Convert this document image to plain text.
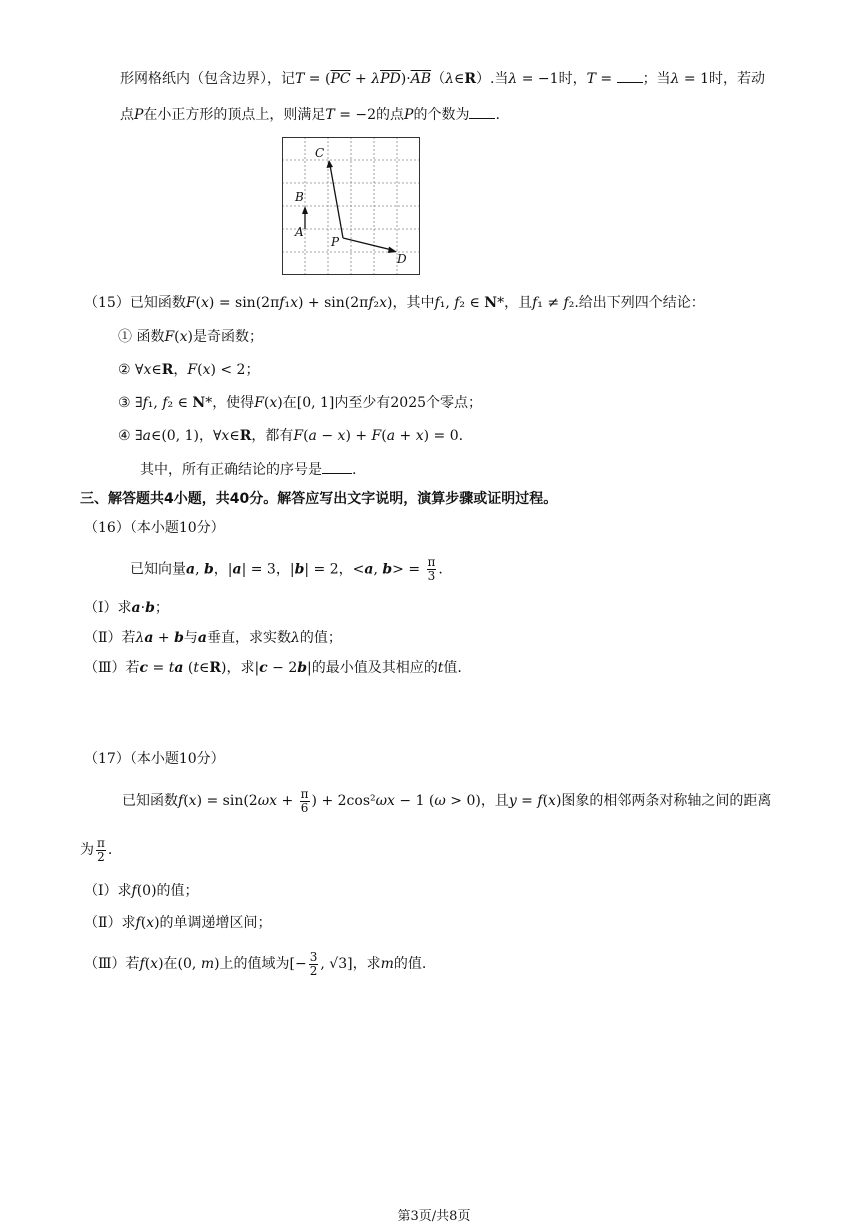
形网格纸内（包含边界），记$T = (\overline{PC}$ + $\lambda\overline{PD})\cdot\overline{AB}(\lambda\in R)$.当λ = −1时，T = ；当λ = 1时，若动
点P在小正方形的顶点上，则满足T = −2的点P的个数为 .
C
B
A
P
D
（15）已知函数F(x) = sin(2πf₁x) + sin(2πf₂x)，其中f₁, f₂ ∈ N*，且f₁ ≠ f₂.给出下列四个结论：
① 函数F(x)是奇函数；
② ∀x∈R，F(x) < 2；
③ ∃f₁, f₂ ∈ N*，使得F(x)在[0, 1]内至少有2025个零点；
④ ∃a∈(0, 1)，∀x∈R，都有F(a − x) + F(a + x) = 0.
其中，所有正确结论的序号是 .
三、解答题共4小题，共40分。解答应写出文字说明，演算步骤或证明过程。
（16）（本小题10分）
已知向量a, b，|a| = 3，|b| = 2，<a, $b> = \frac{\pi}{3}$ .
（Ⅰ）求a·b；
（Ⅱ）若λa + b与a垂直，求实数λ的值；
（Ⅲ）若c = ta (t∈R)，求|c − 2b|的最小值及其相应的t值.
（17）（本小题10分）
已知函数$f(x) = \sin(2\omega x + \frac{\pi}{6}$ ) + 2cos²ωx − 1 (ω > 0)，且y = f(x)图象的相邻两条对称轴之间的距离
为 $\frac{\pi}{2}$ .
（Ⅰ）求f(0)的值；
（Ⅱ）求f(x)的单调递增区间；
（Ⅲ）若f(x)在(0, m)上的值域为[− $\frac{3}{2}$ , √3]，求m的值.
第3页/共8页
